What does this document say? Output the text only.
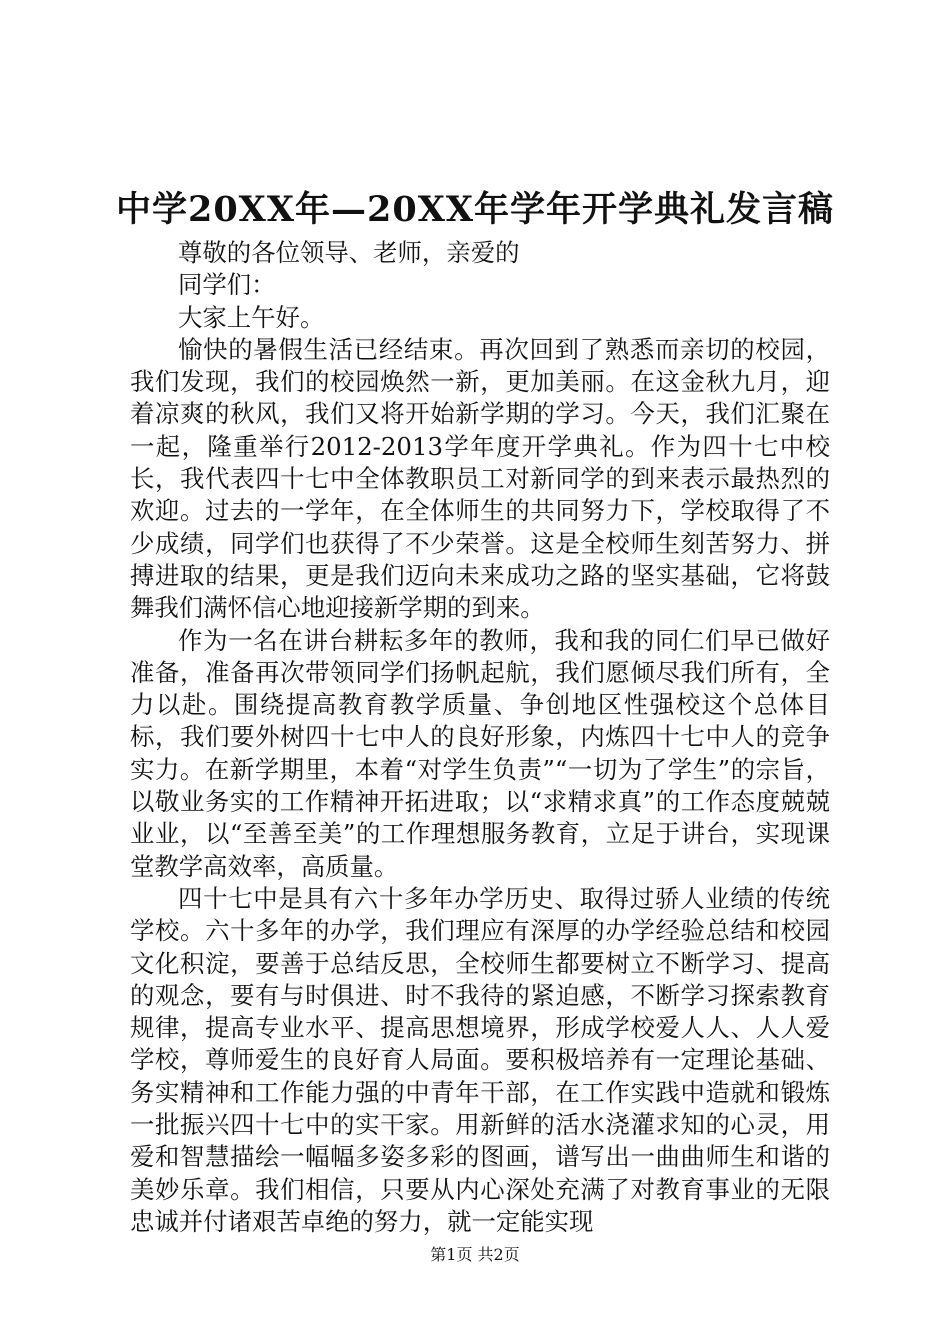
中学20XX年—20XX年学年开学典礼发言稿

尊敬的各位领导、老师，亲爱的

同学们：

大家上午好。

愉快的暑假生活已经结束。再次回到了熟悉而亲切的校园，我们发现，我们的校园焕然一新，更加美丽。在这金秋九月，迎着凉爽的秋风，我们又将开始新学期的学习。今天，我们汇聚在一起，隆重举行2012-2013学年度开学典礼。作为四十七中校长，我代表四十七中全体教职员工对新同学的到来表示最热烈的欢迎。过去的一学年，在全体师生的共同努力下，学校取得了不少成绩，同学们也获得了不少荣誉。这是全校师生刻苦努力、拼搏进取的结果，更是我们迈向未来成功之路的坚实基础，它将鼓舞我们满怀信心地迎接新学期的到来。

作为一名在讲台耕耘多年的教师，我和我的同仁们早已做好准备，准备再次带领同学们扬帆起航，我们愿倾尽我们所有，全力以赴。围绕提高教育教学质量、争创地区性强校这个总体目标，我们要外树四十七中人的良好形象，内炼四十七中人的竞争实力。在新学期里，本着“对学生负责”“一切为了学生”的宗旨，以敬业务实的工作精神开拓进取；以“求精求真”的工作态度兢兢业业，以“至善至美”的工作理想服务教育，立足于讲台，实现课堂教学高效率，高质量。

四十七中是具有六十多年办学历史、取得过骄人业绩的传统学校。六十多年的办学，我们理应有深厚的办学经验总结和校园文化积淀，要善于总结反思，全校师生都要树立不断学习、提高的观念，要有与时俱进、时不我待的紧迫感，不断学习探索教育规律，提高专业水平、提高思想境界，形成学校爱人人、人人爱学校，尊师爱生的良好育人局面。要积极培养有一定理论基础、务实精神和工作能力强的中青年干部，在工作实践中造就和锻炼一批振兴四十七中的实干家。用新鲜的活水浇灌求知的心灵，用爱和智慧描绘一幅幅多姿多彩的图画，谱写出一曲曲师生和谐的美妙乐章。我们相信，只要从内心深处充满了对教育事业的无限忠诚并付诸艰苦卓绝的努力，就一定能实现

第1页 共2页
